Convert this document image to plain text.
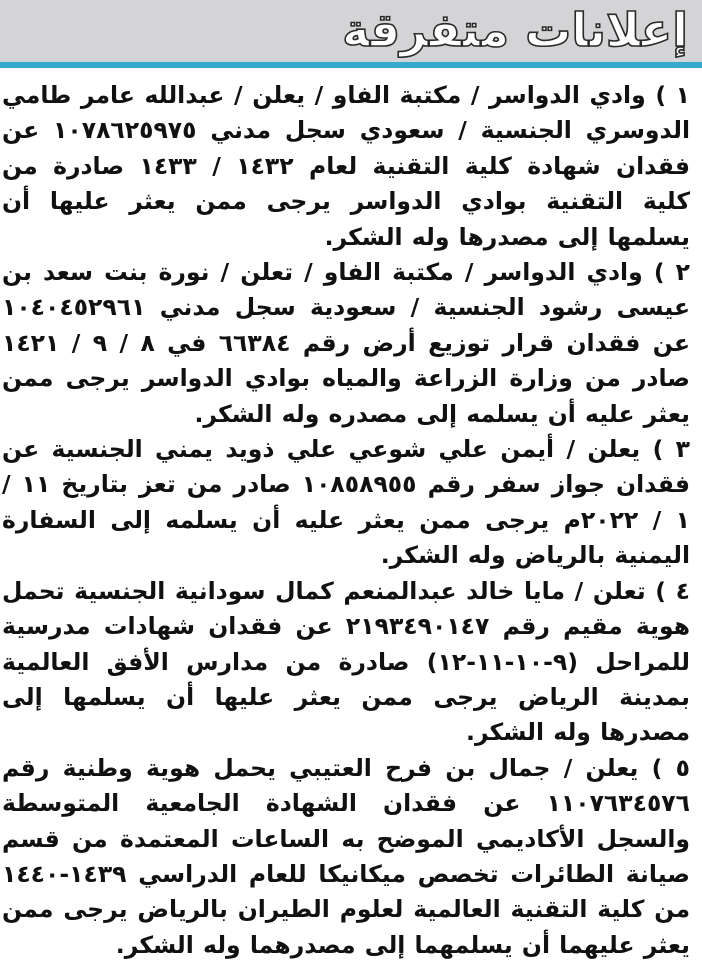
إعلانات متفرقة

١ ) وادي الدواسر / مكتبة الفاو / يعلن / عبدالله عامر طامي الدوسري الجنسية / سعودي سجل مدني ١٠٧٨٦٢٥٩٧٥ عن فقدان شهادة كلية التقنية لعام ١٤٣٢ / ١٤٣٣ صادرة من كلية التقنية بوادي الدواسر يرجى ممن يعثر عليها أن يسلمها إلى مصدرها وله الشكر.

٢ ) وادي الدواسر / مكتبة الفاو / تعلن / نورة بنت سعد بن عيسى رشود الجنسية / سعودية سجل مدني ١٠٤٠٤٥٢٩٦١ عن فقدان قرار توزيع أرض رقم ٦٦٣٨٤ في ٨ / ٩ / ١٤٢١ صادر من وزارة الزراعة والمياه بوادي الدواسر يرجى ممن يعثر عليه أن يسلمه إلى مصدره وله الشكر.

٣ ) يعلن / أيمن علي شوعي علي ذويد يمني الجنسية عن فقدان جواز سفر رقم ١٠٨٥٨٩٥٥ صادر من تعز بتاريخ ١١ / ١ / ٢٠٢٢م يرجى ممن يعثر عليه أن يسلمه إلى السفارة اليمنية بالرياض وله الشكر.

٤ ) تعلن / مايا خالد عبدالمنعم كمال سودانية الجنسية تحمل هوية مقيم رقم ٢١٩٣٤٩٠١٤٧ عن فقدان شهادات مدرسية للمراحل (٩-١٠-١١-١٢) صادرة من مدارس الأفق العالمية بمدينة الرياض يرجى ممن يعثر عليها أن يسلمها إلى مصدرها وله الشكر.

٥ ) يعلن / جمال بن فرح العتيبي يحمل هوية وطنية رقم ١١٠٧٦٣٤٥٧٦ عن فقدان الشهادة الجامعية المتوسطة والسجل الأكاديمي الموضح به الساعات المعتمدة من قسم صيانة الطائرات تخصص ميكانيكا للعام الدراسي ١٤٣٩-١٤٤٠ من كلية التقنية العالمية لعلوم الطيران بالرياض يرجى ممن يعثر عليهما أن يسلمهما إلى مصدرهما وله الشكر.
